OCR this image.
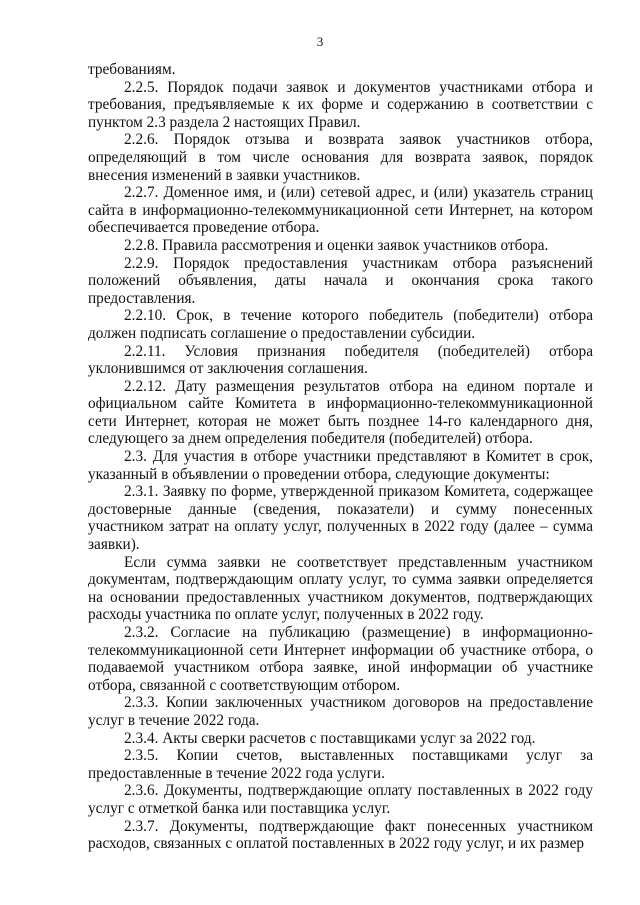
3

требованиям.

2.2.5. Порядок подачи заявок и документов участниками отбора и требования, предъявляемые к их форме и содержанию в соответствии с пунктом 2.3 раздела 2 настоящих Правил.

2.2.6. Порядок отзыва и возврата заявок участников отбора, определяющий в том числе основания для возврата заявок, порядок внесения изменений в заявки участников.

2.2.7. Доменное имя, и (или) сетевой адрес, и (или) указатель страниц сайта в информационно-телекоммуникационной сети Интернет, на котором обеспечивается проведение отбора.

2.2.8. Правила рассмотрения и оценки заявок участников отбора.

2.2.9. Порядок предоставления участникам отбора разъяснений положений объявления, даты начала и окончания срока такого предоставления.

2.2.10. Срок, в течение которого победитель (победители) отбора должен подписать соглашение о предоставлении субсидии.

2.2.11. Условия признания победителя (победителей) отбора уклонившимся от заключения соглашения.

2.2.12. Дату размещения результатов отбора на едином портале и официальном сайте Комитета в информационно-телекоммуникационной сети Интернет, которая не может быть позднее 14-го календарного дня, следующего за днем определения победителя (победителей) отбора.

2.3. Для участия в отборе участники представляют в Комитет в срок, указанный в объявлении о проведении отбора, следующие документы:

2.3.1. Заявку по форме, утвержденной приказом Комитета, содержащее достоверные данные (сведения, показатели) и сумму понесенных участником затрат на оплату услуг, полученных в 2022 году (далее – сумма заявки).

Если сумма заявки не соответствует представленным участником документам, подтверждающим оплату услуг, то сумма заявки определяется на основании предоставленных участником документов, подтверждающих расходы участника по оплате услуг, полученных в 2022 году.

2.3.2. Согласие на публикацию (размещение) в информационно-телекоммуникационной сети Интернет информации об участнике отбора, о подаваемой участником отбора заявке, иной информации об участнике отбора, связанной с соответствующим отбором.

2.3.3. Копии заключенных участником договоров на предоставление услуг в течение 2022 года.

2.3.4. Акты сверки расчетов с поставщиками услуг за 2022 год.

2.3.5. Копии счетов, выставленных поставщиками услуг за предоставленные в течение 2022 года услуги.

2.3.6. Документы, подтверждающие оплату поставленных в 2022 году услуг с отметкой банка или поставщика услуг.

2.3.7. Документы, подтверждающие факт понесенных участником расходов, связанных с оплатой поставленных в 2022 году услуг, и их размер
